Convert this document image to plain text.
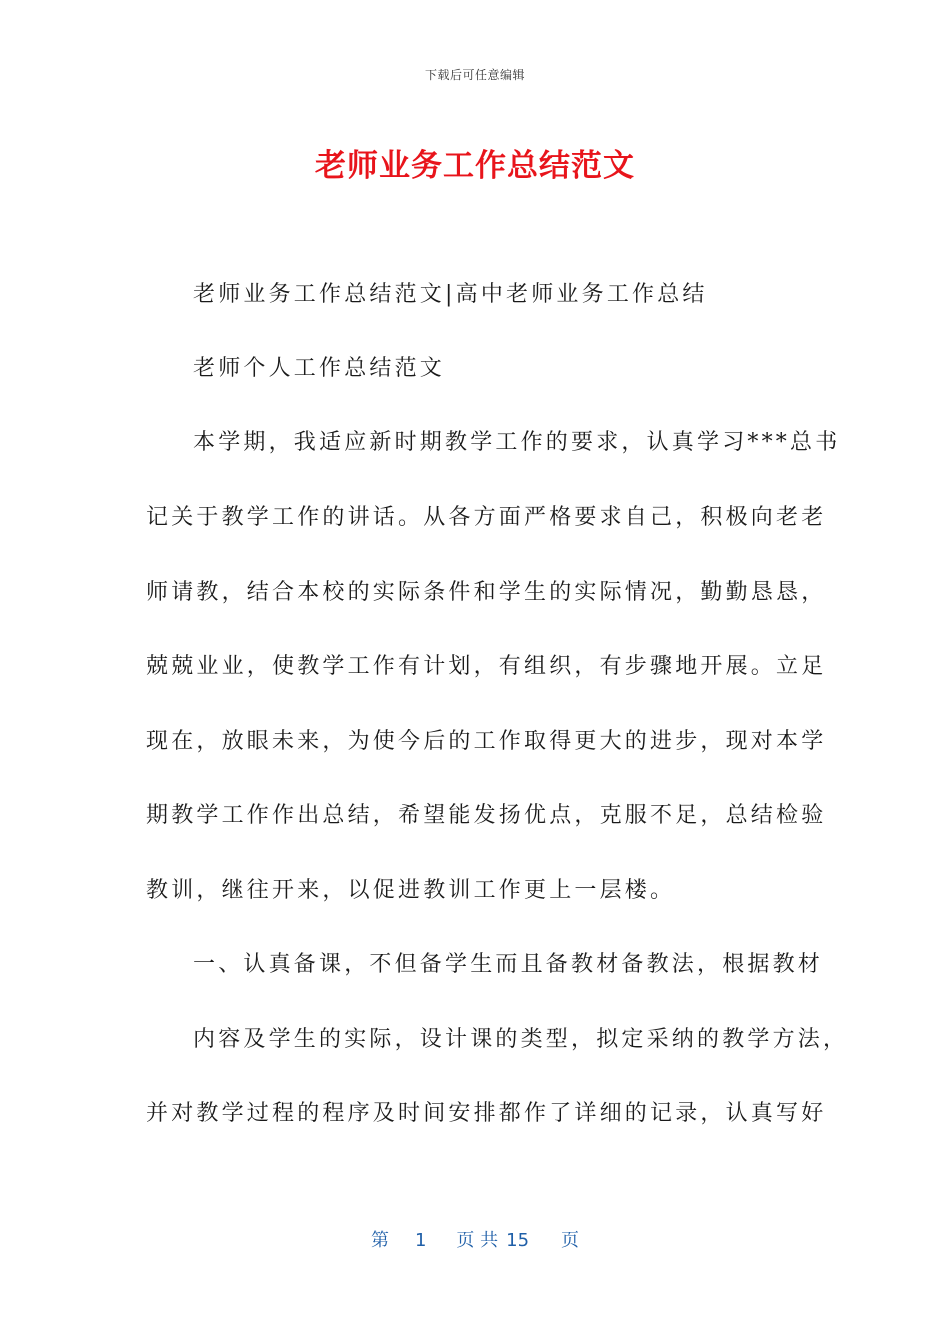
下载后可任意编辑
老师业务工作总结范文
老师业务工作总结范文|高中老师业务工作总结
老师个人工作总结范文
本学期，我适应新时期教学工作的要求，认真学习***总书
记关于教学工作的讲话。从各方面严格要求自己，积极向老老
师请教，结合本校的实际条件和学生的实际情况，勤勤恳恳，
兢兢业业，使教学工作有计划，有组织，有步骤地开展。立足
现在，放眼未来，为使今后的工作取得更大的进步，现对本学
期教学工作作出总结，希望能发扬优点，克服不足，总结检验
教训，继往开来，以促进教训工作更上一层楼。
一、认真备课，不但备学生而且备教材备教法，根据教材
内容及学生的实际，设计课的类型，拟定采纳的教学方法，
并对教学过程的程序及时间安排都作了详细的记录，认真写好
第 1 页 共 15 页
